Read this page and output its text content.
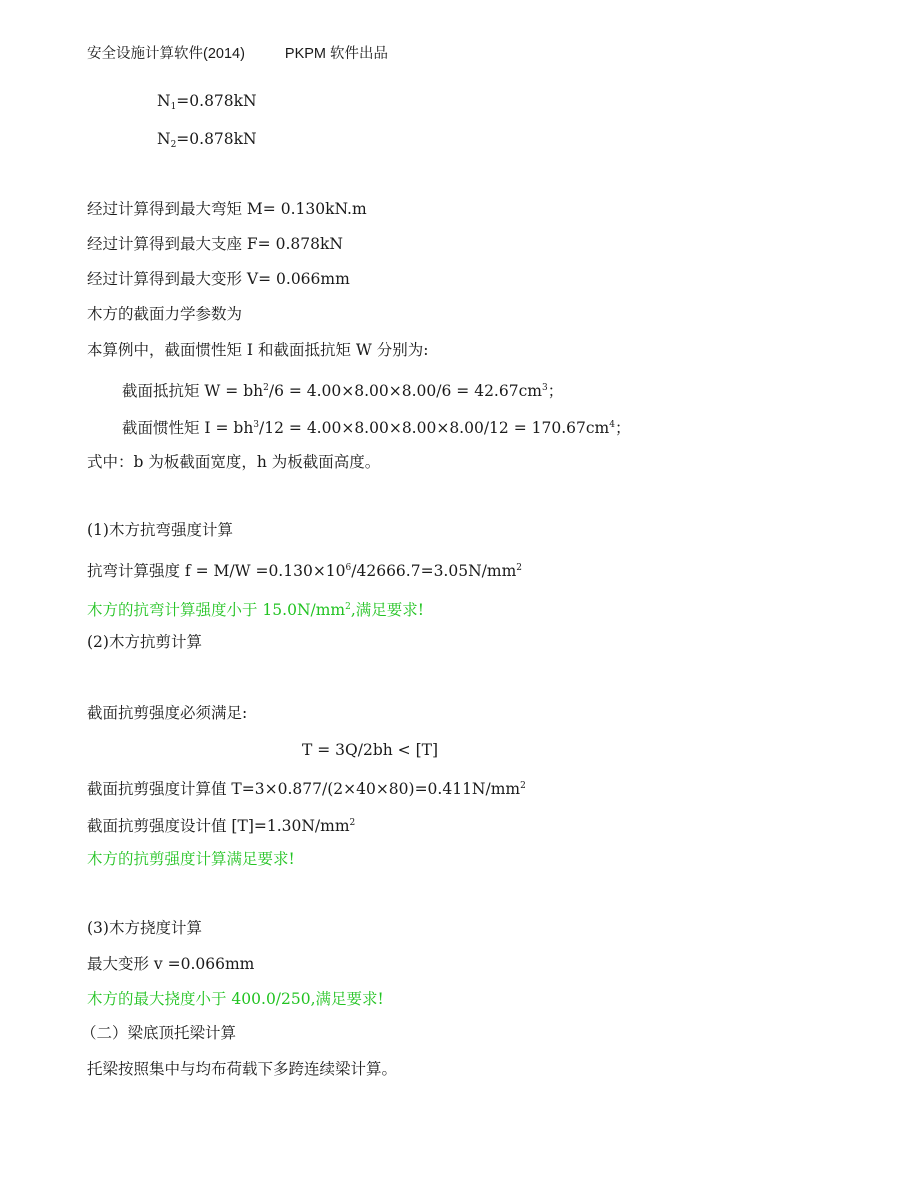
安全设施计算软件(2014)	PKPM 软件出品
$N_1=0.878kN$
$N_2=0.878kN$
经过计算得到最大弯矩 M= 0.130kN.m
经过计算得到最大支座 F= 0.878kN
经过计算得到最大变形 V= 0.066mm
木方的截面力学参数为
本算例中，截面惯性矩 I 和截面抵抗矩 W 分别为:
截面抵抗矩 $W = bh^2/6 = 4.00\times 8.00\times 8.00/6 = 42.67cm^3$；
截面惯性矩 $I = bh^3/12 = 4.00\times 8.00\times 8.00\times 8.00/12 = 170.67cm^4$；
式中：b 为板截面宽度，h 为板截面高度。
(1)木方抗弯强度计算
抗弯计算强度 $f = M/W =0.130\times 10^6/42666.7=3.05N/mm^2$
木方的抗弯计算强度小于 $15.0N/mm^2$,满足要求!
(2)木方抗剪计算
截面抗剪强度必须满足:
T = 3Q/2bh < [T]
截面抗剪强度计算值 $T=3\times 0.877/(2\times 40\times 80)=0.411N/mm^2$
截面抗剪强度设计值 $[T]=1.30N/mm^2$
木方的抗剪强度计算满足要求!
(3)木方挠度计算
最大变形 v =0.066mm
木方的最大挠度小于 400.0/250,满足要求!
（二）梁底顶托梁计算
托梁按照集中与均布荷载下多跨连续梁计算。
